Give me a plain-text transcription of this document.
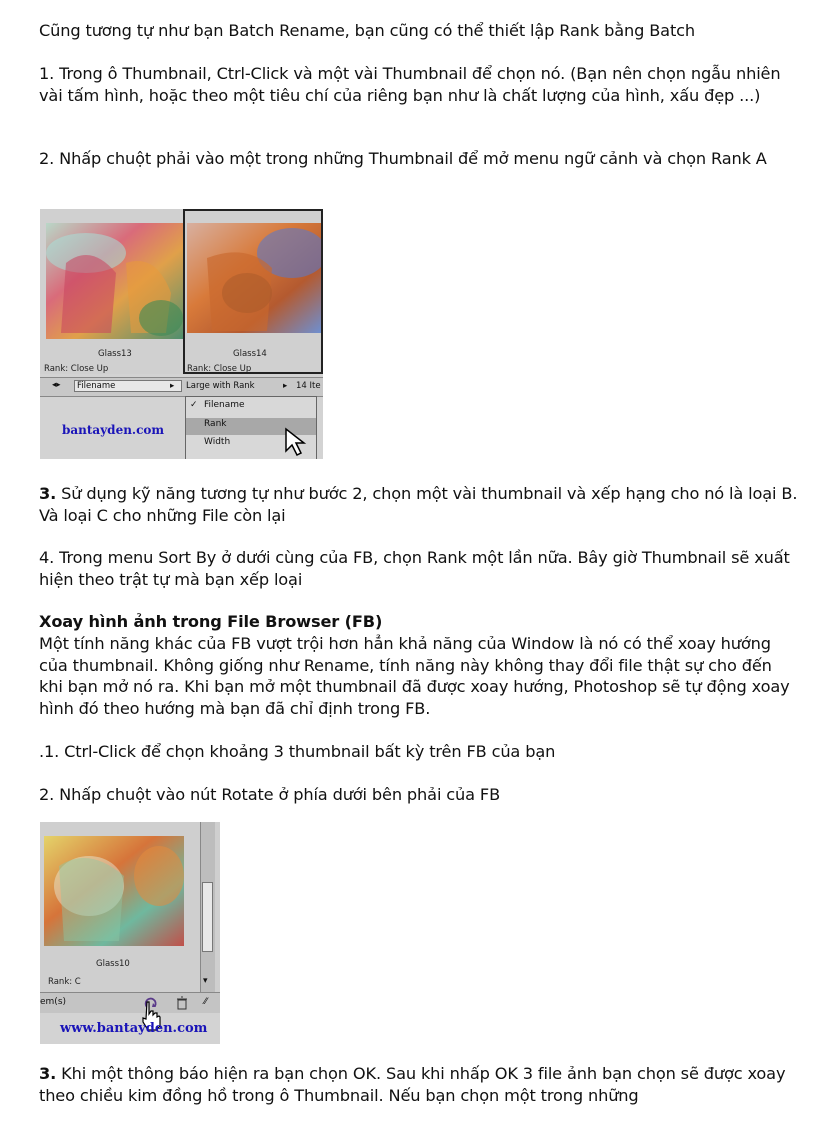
Cũng tương tự như bạn Batch Rename, bạn cũng có thể thiết lập Rank bằng Batch

1. Trong ô Thumbnail, Ctrl-Click và một vài Thumbnail để chọn nó. (Bạn nên chọn ngẫu nhiên vài tấm hình, hoặc theo một tiêu chí của riêng bạn như là chất lượng của hình, xấu đẹp ...)

2. Nhấp chuột phải vào một trong những Thumbnail để mở menu ngữ cảnh và chọn Rank A

Glass13
Rank: Close Up
Glass14
Rank: Close Up
◂▸	Filename	▸ Large with Rank	▸ 14 Ite
✓ Filename
Rank
Width
bantayden.com

3. Sử dụng kỹ năng tương tự như bước 2, chọn một vài thumbnail và xếp hạng cho nó là loại B. Và loại C cho những File còn lại

4. Trong menu Sort By ở dưới cùng của FB, chọn Rank một lần nữa. Bây giờ Thumbnail sẽ xuất hiện theo trật tự mà bạn xếp loại

Xoay hình ảnh trong File Browser (FB)

Một tính năng khác của FB vượt trội hơn hẳn khả năng của Window là nó có thể xoay hướng của thumbnail. Không giống như Rename, tính năng này không thay đổi file thật sự cho đến khi bạn mở nó ra. Khi bạn mở một thumbnail đã được xoay hướng, Photoshop sẽ tự động xoay hình đó theo hướng mà bạn đã chỉ định trong FB.

.1. Ctrl-Click để chọn khoảng 3 thumbnail bất kỳ trên FB của bạn

2. Nhấp chuột vào nút Rotate ở phía dưới bên phải của FB

Glass10
Rank: C	▾
em(s)	⁄⁄
www.bantayden.com

3. Khi một thông báo hiện ra bạn chọn OK. Sau khi nhấp OK 3 file ảnh bạn chọn sẽ được xoay theo chiều kim đồng hồ trong ô Thumbnail. Nếu bạn chọn một trong những
